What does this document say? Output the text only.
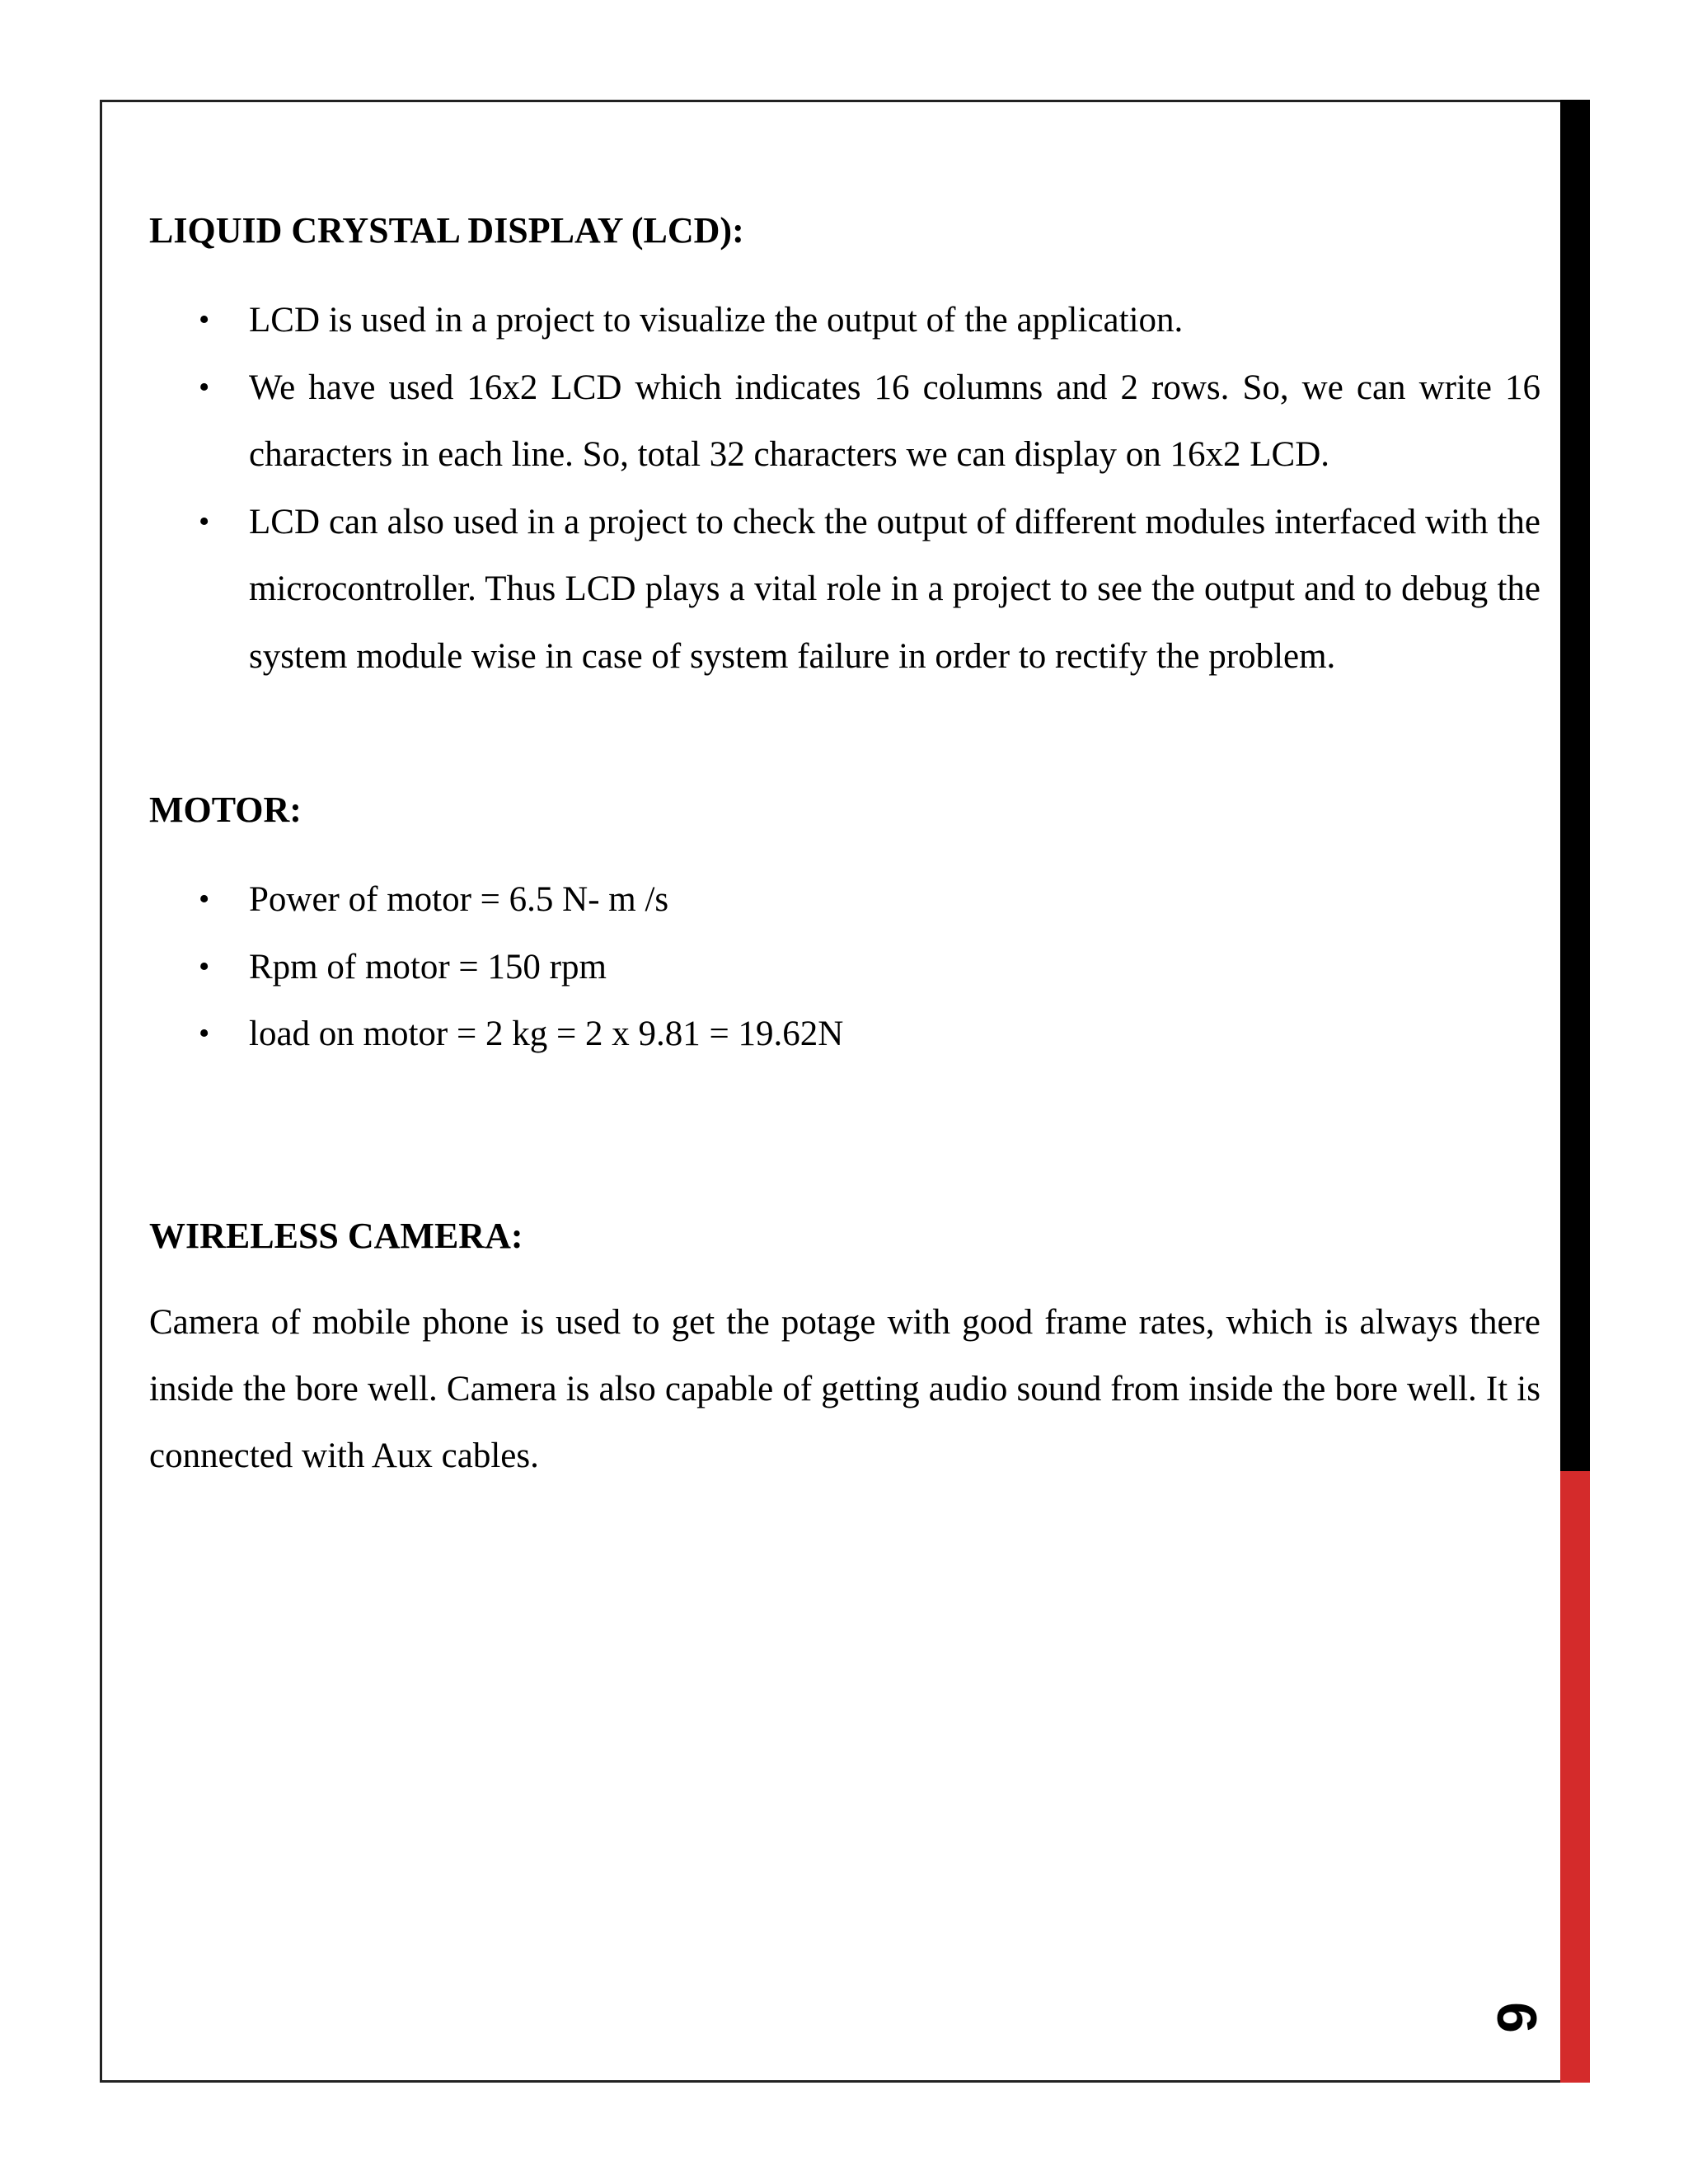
6
LIQUID CRYSTAL DISPLAY (LCD):
•	LCD is used in a project to visualize the output of the application.
•	We have used 16x2 LCD which indicates 16 columns and 2 rows. So, we can write 16 characters in each line. So, total 32 characters we can display on 16x2 LCD.
•	LCD can also used in a project to check the output of different modules interfaced with the microcontroller. Thus LCD plays a vital role in a project to see the output and to debug the system module wise in case of system failure in order to rectify the problem.
MOTOR:
•	Power of motor = 6.5 N- m /s
•	Rpm of motor = 150 rpm
•	load on motor = 2 kg = 2 x 9.81 = 19.62N
WIRELESS CAMERA:

Camera of mobile phone is used to get the potage with good frame rates, which is always there inside the bore well. Camera is also capable of getting audio sound from inside the bore well. It is connected with Aux cables.
